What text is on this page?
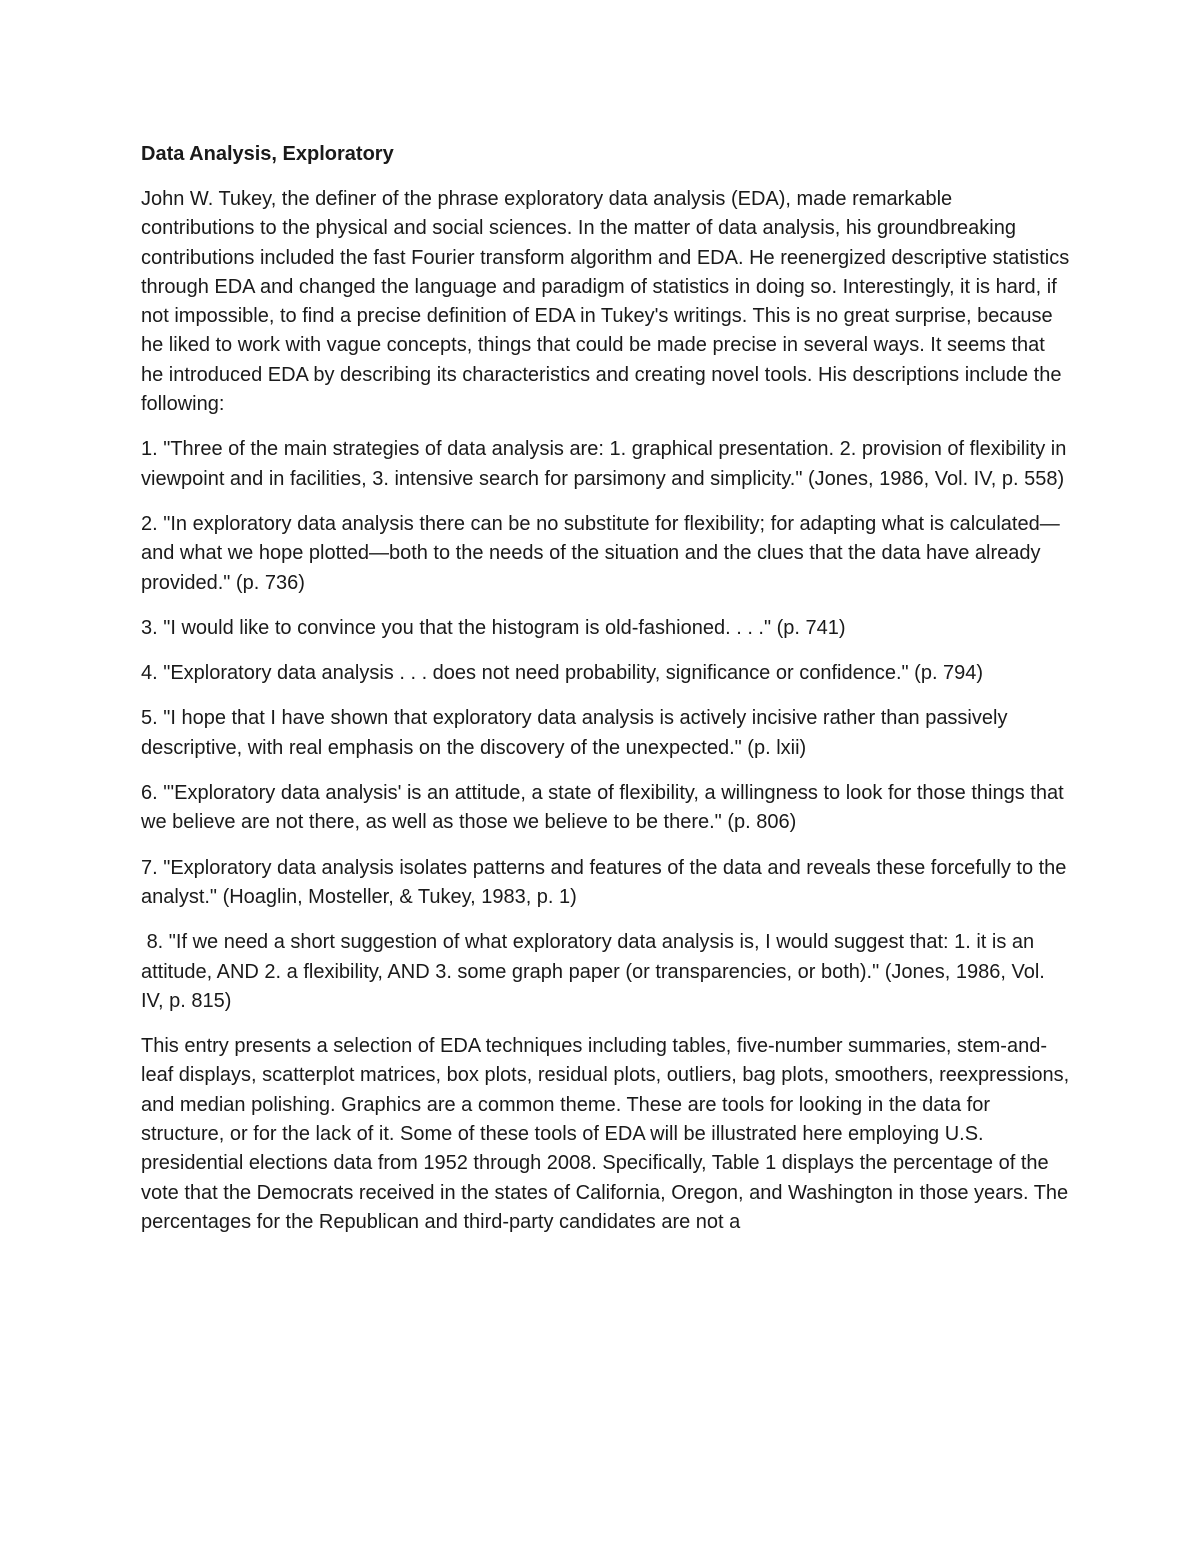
Data Analysis, Exploratory
John W. Tukey, the definer of the phrase exploratory data analysis (EDA), made remarkable contributions to the physical and social sciences. In the matter of data analysis, his groundbreaking contributions included the fast Fourier transform algorithm and EDA. He reenergized descriptive statistics through EDA and changed the language and paradigm of statistics in doing so. Interestingly, it is hard, if not impossible, to find a precise definition of EDA in Tukey's writings. This is no great surprise, because he liked to work with vague concepts, things that could be made precise in several ways. It seems that he introduced EDA by describing its characteristics and creating novel tools. His descriptions include the following:
1. "Three of the main strategies of data analysis are: 1. graphical presentation. 2. provision of flexibility in viewpoint and in facilities, 3. intensive search for parsimony and simplicity." (Jones, 1986, Vol. IV, p. 558)
2. "In exploratory data analysis there can be no substitute for flexibility; for adapting what is calculated—and what we hope plotted—both to the needs of the situation and the clues that the data have already provided." (p. 736)
3. "I would like to convince you that the histogram is old-fashioned. . . ." (p. 741)
4. "Exploratory data analysis . . . does not need probability, significance or confidence." (p. 794)
5. "I hope that I have shown that exploratory data analysis is actively incisive rather than passively descriptive, with real emphasis on the discovery of the unexpected." (p. lxii)
6. "'Exploratory data analysis' is an attitude, a state of flexibility, a willingness to look for those things that we believe are not there, as well as those we believe to be there." (p. 806)
7. "Exploratory data analysis isolates patterns and features of the data and reveals these forcefully to the analyst." (Hoaglin, Mosteller, & Tukey, 1983, p. 1)
8. "If we need a short suggestion of what exploratory data analysis is, I would suggest that: 1. it is an attitude, AND 2. a flexibility, AND 3. some graph paper (or transparencies, or both)." (Jones, 1986, Vol. IV, p. 815)
This entry presents a selection of EDA techniques including tables, five-number summaries, stem-and-leaf displays, scatterplot matrices, box plots, residual plots, outliers, bag plots, smoothers, reexpressions, and median polishing. Graphics are a common theme. These are tools for looking in the data for structure, or for the lack of it. Some of these tools of EDA will be illustrated here employing U.S. presidential elections data from 1952 through 2008. Specifically, Table 1 displays the percentage of the vote that the Democrats received in the states of California, Oregon, and Washington in those years. The percentages for the Republican and third-party candidates are not a
